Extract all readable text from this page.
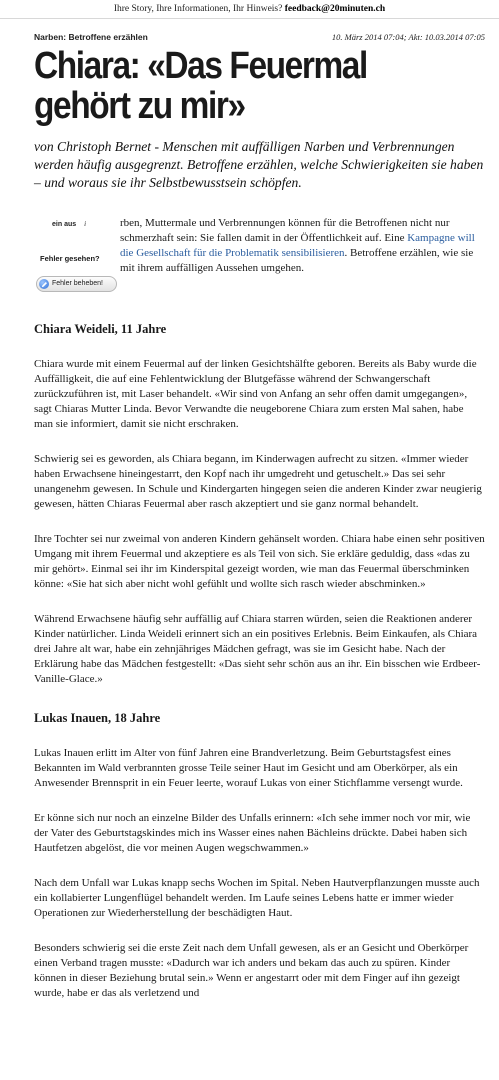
Ihre Story, Ihre Informationen, Ihr Hinweis? feedback@20minuten.ch
Narben: Betroffene erzählen	10. März 2014 07:04; Akt: 10.03.2014 07:05
Chiara: «Das Feuermal
gehört zu mir»

von Christoph Bernet - Menschen mit auffälligen Narben und Verbrennungen werden häufig ausgegrenzt. Betroffene erzählen, welche Schwierigkeiten sie haben – und woraus sie ihr Selbstbewusstsein schöpfen.

ein aus i
Fehler gesehen?
Fehler beheben!
rben, Muttermale und Verbrennungen können für die Betroffenen nicht nur schmerzhaft sein: Sie fallen damit in der Öffentlichkeit auf. Eine Kampagne will die Gesellschaft für die Problematik sensibilisieren. Betroffene erzählen, wie sie mit ihrem auffälligen Aussehen umgehen.
Chiara Weideli, 11 Jahre

Chiara wurde mit einem Feuermal auf der linken Gesichtshälfte geboren. Bereits als Baby wurde die Auffälligkeit, die auf eine Fehlentwicklung der Blutgefässe während der Schwangerschaft zurückzuführen ist, mit Laser behandelt. «Wir sind von Anfang an sehr offen damit umgegangen», sagt Chiaras Mutter Linda. Bevor Verwandte die neugeborene Chiara zum ersten Mal sahen, habe man sie informiert, damit sie nicht erschraken.

Schwierig sei es geworden, als Chiara begann, im Kinderwagen aufrecht zu sitzen. «Immer wieder haben Erwachsene hineingestarrt, den Kopf nach ihr umgedreht und getuschelt.» Das sei sehr unangenehm gewesen. In Schule und Kindergarten hingegen seien die anderen Kinder zwar neugierig gewesen, hätten Chiaras Feuermal aber rasch akzeptiert und sie ganz normal behandelt.

Ihre Tochter sei nur zweimal von anderen Kindern gehänselt worden. Chiara habe einen sehr positiven Umgang mit ihrem Feuermal und akzeptiere es als Teil von sich. Sie erkläre geduldig, dass «das zu mir gehört». Einmal sei ihr im Kinderspital gezeigt worden, wie man das Feuermal überschminken könne: «Sie hat sich aber nicht wohl gefühlt und wollte sich rasch wieder abschminken.»

Während Erwachsene häufig sehr auffällig auf Chiara starren würden, seien die Reaktionen anderer Kinder natürlicher. Linda Weideli erinnert sich an ein positives Erlebnis. Beim Einkaufen, als Chiara drei Jahre alt war, habe ein zehnjähriges Mädchen gefragt, was sie im Gesicht habe. Nach der Erklärung habe das Mädchen festgestellt: «Das sieht sehr schön aus an ihr. Ein bisschen wie Erdbeer-Vanille-Glace.»

Lukas Inauen, 18 Jahre

Lukas Inauen erlitt im Alter von fünf Jahren eine Brandverletzung. Beim Geburtstagsfest eines Bekannten im Wald verbrannten grosse Teile seiner Haut im Gesicht und am Oberkörper, als ein Anwesender Brennsprit in ein Feuer leerte, worauf Lukas von einer Stichflamme versengt wurde.

Er könne sich nur noch an einzelne Bilder des Unfalls erinnern: «Ich sehe immer noch vor mir, wie der Vater des Geburtstagskindes mich ins Wasser eines nahen Bächleins drückte. Dabei haben sich Hautfetzen abgelöst, die vor meinen Augen wegschwammen.»

Nach dem Unfall war Lukas knapp sechs Wochen im Spital. Neben Hautverpflanzungen musste auch ein kollabierter Lungenflügel behandelt werden. Im Laufe seines Lebens hatte er immer wieder Operationen zur Wiederherstellung der beschädigten Haut.

Besonders schwierig sei die erste Zeit nach dem Unfall gewesen, als er an Gesicht und Oberkörper einen Verband tragen musste: «Dadurch war ich anders und bekam das auch zu spüren. Kinder können in dieser Beziehung brutal sein.» Wenn er angestarrt oder mit dem Finger auf ihn gezeigt wurde, habe er das als verletzend und
